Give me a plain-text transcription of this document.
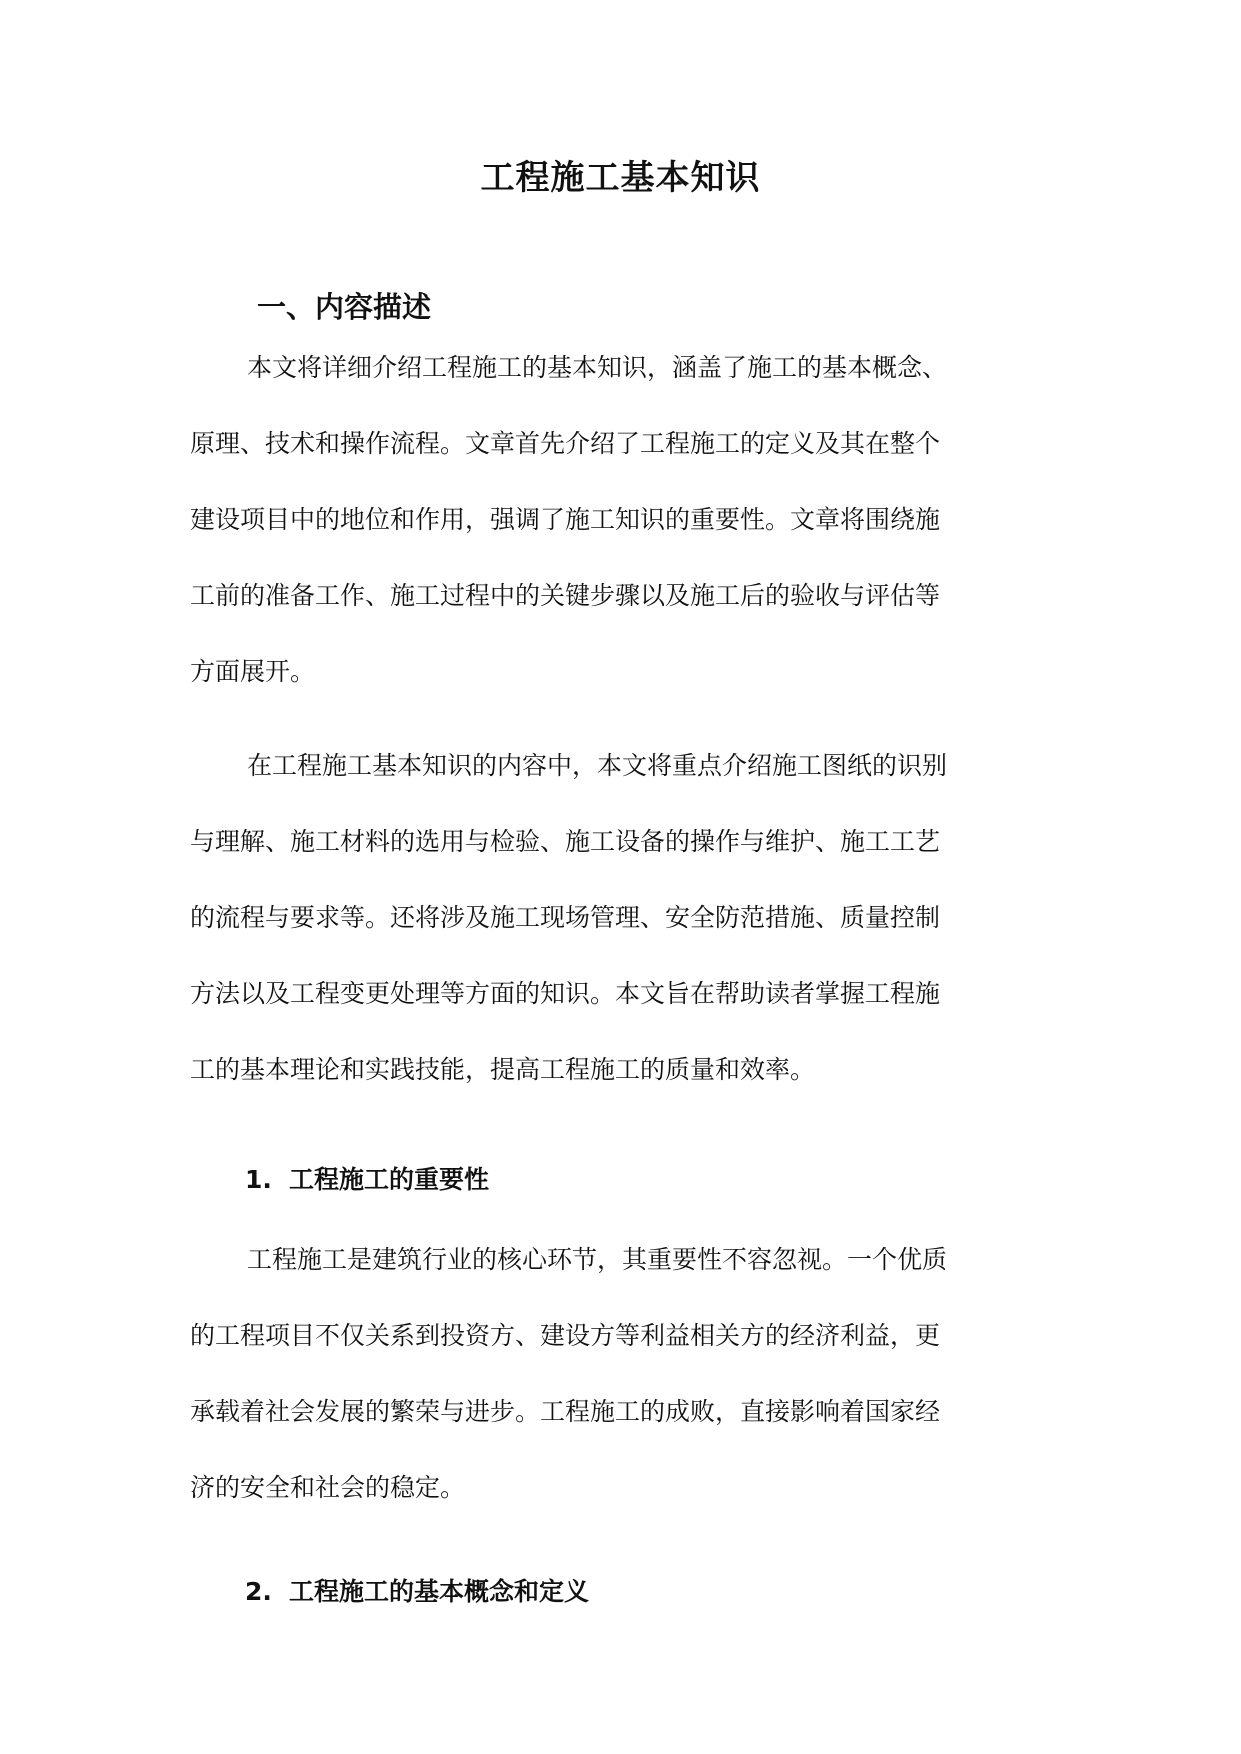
工程施工基本知识
一、内容描述
本文将详细介绍工程施工的基本知识，涵盖了施工的基本概念、
原理、技术和操作流程。文章首先介绍了工程施工的定义及其在整个
建设项目中的地位和作用，强调了施工知识的重要性。文章将围绕施
工前的准备工作、施工过程中的关键步骤以及施工后的验收与评估等
方面展开。
在工程施工基本知识的内容中，本文将重点介绍施工图纸的识别
与理解、施工材料的选用与检验、施工设备的操作与维护、施工工艺
的流程与要求等。还将涉及施工现场管理、安全防范措施、质量控制
方法以及工程变更处理等方面的知识。本文旨在帮助读者掌握工程施
工的基本理论和实践技能，提高工程施工的质量和效率。
1. 工程施工的重要性
工程施工是建筑行业的核心环节，其重要性不容忽视。一个优质
的工程项目不仅关系到投资方、建设方等利益相关方的经济利益，更
承载着社会发展的繁荣与进步。工程施工的成败，直接影响着国家经
济的安全和社会的稳定。
2. 工程施工的基本概念和定义
